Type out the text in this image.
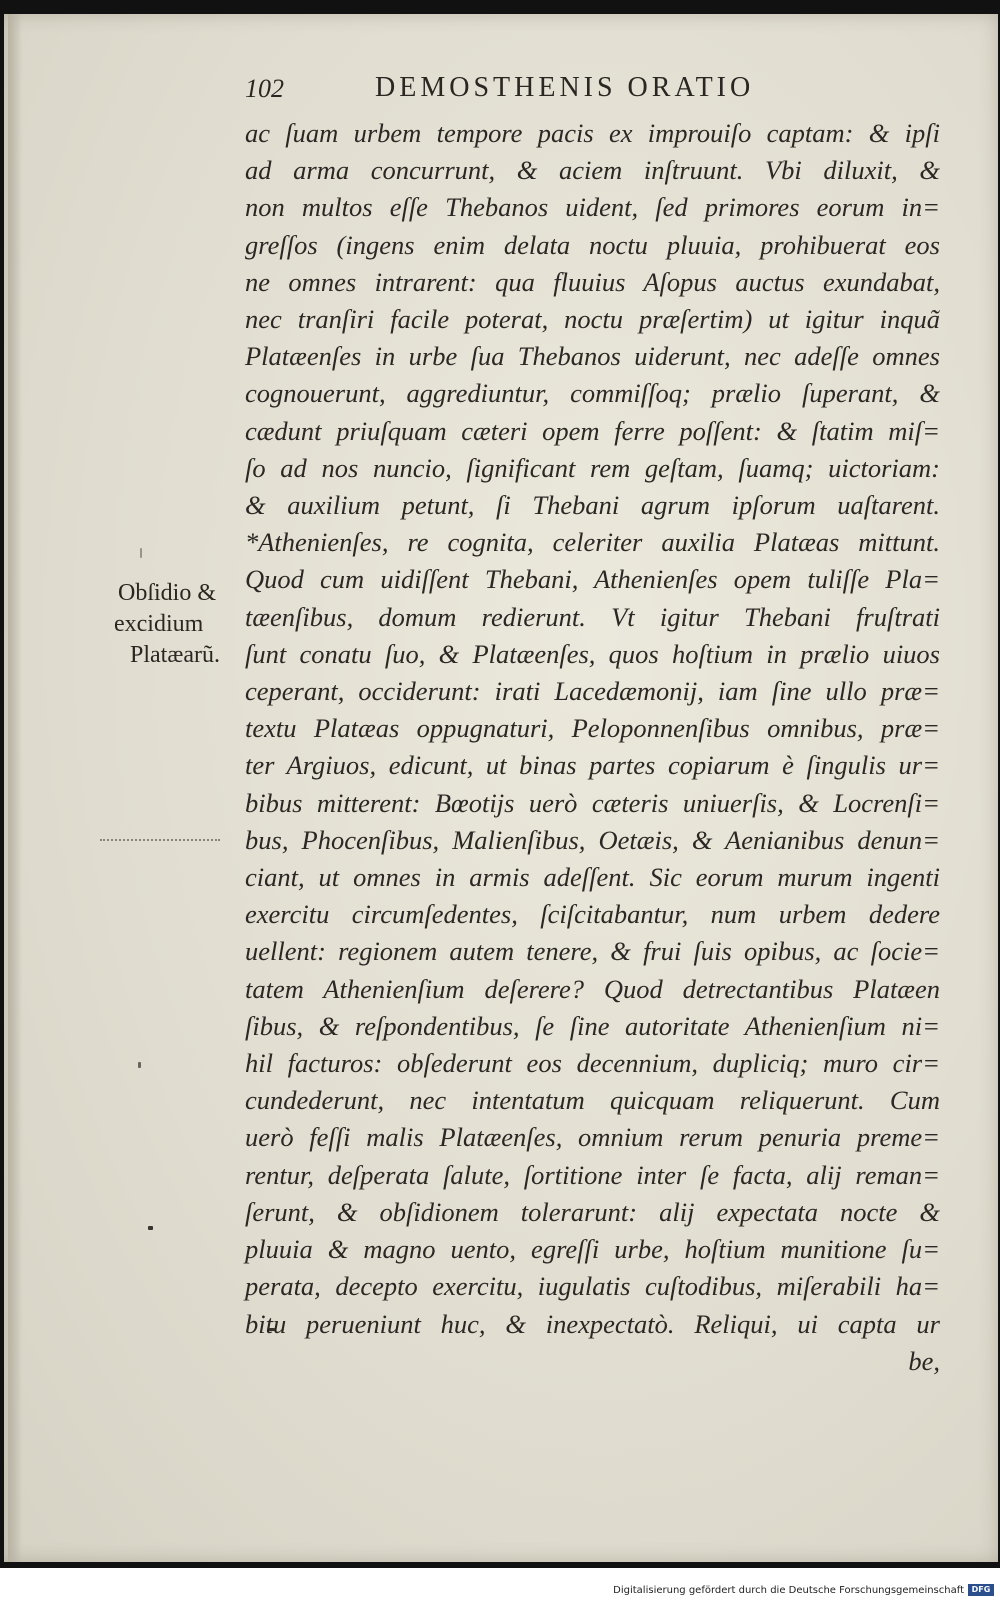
102	DEMOSTHENIS ORATIO
Obſidio &
excidium
Platæarũ.
ac ſuam urbem tempore pacis ex improuiſo captam: & ipſi
ad arma concurrunt, & aciem inſtruunt. Vbi diluxit, &
non multos eſſe Thebanos uident, ſed primores eorum in=
greſſos (ingens enim delata noctu pluuia, prohibuerat eos
ne omnes intrarent: qua fluuius Aſopus auctus exundabat,
nec tranſiri facile poterat, noctu præſertim) ut igitur inquã
Platæenſes in urbe ſua Thebanos uiderunt, nec adeſſe omnes
cognouerunt, aggrediuntur, commiſſoq; prælio ſuperant, &
cædunt priuſquam cæteri opem ferre poſſent: & ſtatim miſ=
ſo ad nos nuncio, ſignificant rem geſtam, ſuamq; uictoriam:
& auxilium petunt, ſi Thebani agrum ipſorum uaſtarent.
*Athenienſes, re cognita, celeriter auxilia Platæas mittunt.
Quod cum uidiſſent Thebani, Athenienſes opem tuliſſe Pla=
tæenſibus, domum redierunt. Vt igitur Thebani fruſtrati
ſunt conatu ſuo, & Platæenſes, quos hoſtium in prælio uiuos
ceperant, occiderunt: irati Lacedæmonij, iam ſine ullo præ=
textu Platæas oppugnaturi, Peloponnenſibus omnibus, præ=
ter Argiuos, edicunt, ut binas partes copiarum è ſingulis ur=
bibus mitterent: Bœotijs uerò cæteris uniuerſis, & Locrenſi=
bus, Phocenſibus, Malienſibus, Oetæis, & Aenianibus denun=
ciant, ut omnes in armis adeſſent. Sic eorum murum ingenti
exercitu circumſedentes, ſciſcitabantur, num urbem dedere
uellent: regionem autem tenere, & frui ſuis opibus, ac ſocie=
tatem Athenienſium deſerere? Quod detrectantibus Platæen
ſibus, & reſpondentibus, ſe ſine autoritate Athenienſium ni=
hil facturos: obſederunt eos decennium, dupliciq; muro cir=
cundederunt, nec intentatum quicquam reliquerunt. Cum
uerò feſſi malis Platæenſes, omnium rerum penuria preme=
rentur, deſperata ſalute, ſortitione inter ſe facta, alij reman=
ſerunt, & obſidionem tolerarunt: alij expectata nocte &
pluuia & magno uento, egreſſi urbe, hoſtium munitione ſu=
perata, decepto exercitu, iugulatis cuſtodibus, miſerabili ha=
bitu perueniunt huc, & inexpectatò. Reliqui, ui capta ur
be,
Digitalisierung gefördert durch die Deutsche Forschungsgemeinschaft DFG
